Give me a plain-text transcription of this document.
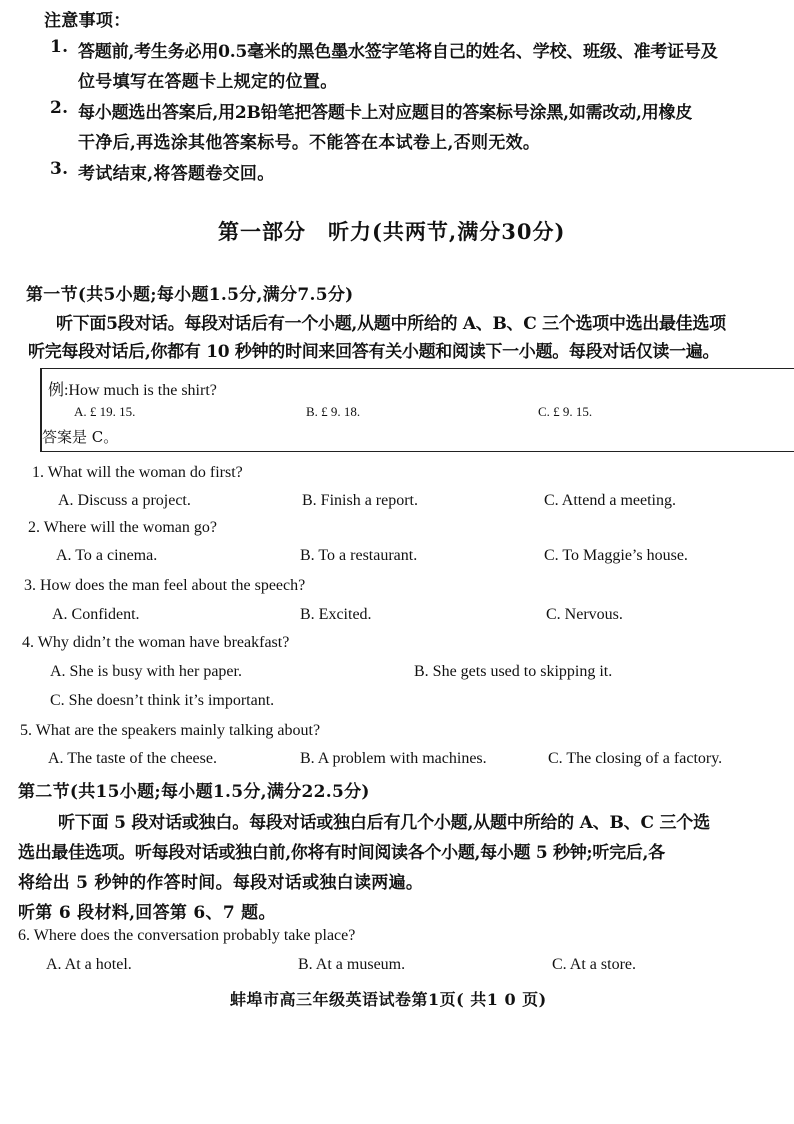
注意事项：
1. 答题前,考生务必用0.5毫米的黑色墨水签字笔将自己的姓名、学校、班级、准考证号及
位号填写在答题卡上规定的位置。
2. 每小题选出答案后,用2B铅笔把答题卡上对应题目的答案标号涂黑,如需改动,用橡皮
干净后,再选涂其他答案标号。不能答在本试卷上,否则无效。
3. 考试结束,将答题卷交回。
第一部分　听力(共两节,满分30分)
第一节(共5小题;每小题1.5分,满分7.5分)
听下面5段对话。每段对话后有一个小题,从题中所给的 A、B、C 三个选项中选出最佳选项
听完每段对话后,你都有 10 秒钟的时间来回答有关小题和阅读下一小题。每段对话仅读一遍。
例:How much is the shirt?
A. £ 19. 15.	B. £ 9. 18.	C. £ 9. 15.
答案是 C。
1. What will the woman do first?
A. Discuss a project.	B. Finish a report.	C. Attend a meeting.
2. Where will the woman go?
A. To a cinema.	B. To a restaurant.	C. To Maggie’s house.
3. How does the man feel about the speech?
A. Confident.	B. Excited.	C. Nervous.
4. Why didn’t the woman have breakfast?
A. She is busy with her paper.	B. She gets used to skipping it.
C. She doesn’t think it’s important.
5. What are the speakers mainly talking about?
A. The taste of the cheese.	B. A problem with machines.	C. The closing of a factory.
第二节(共15小题;每小题1.5分,满分22.5分)
听下面 5 段对话或独白。每段对话或独白后有几个小题,从题中所给的 A、B、C 三个选
选出最佳选项。听每段对话或独白前,你将有时间阅读各个小题,每小题 5 秒钟;听完后,各
将给出 5 秒钟的作答时间。每段对话或独白读两遍。
听第 6 段材料,回答第 6、7 题。
6. Where does the conversation probably take place?
A. At a hotel.	B. At a museum.	C. At a store.
蚌埠市高三年级英语试卷第1页( 共1 0 页)
